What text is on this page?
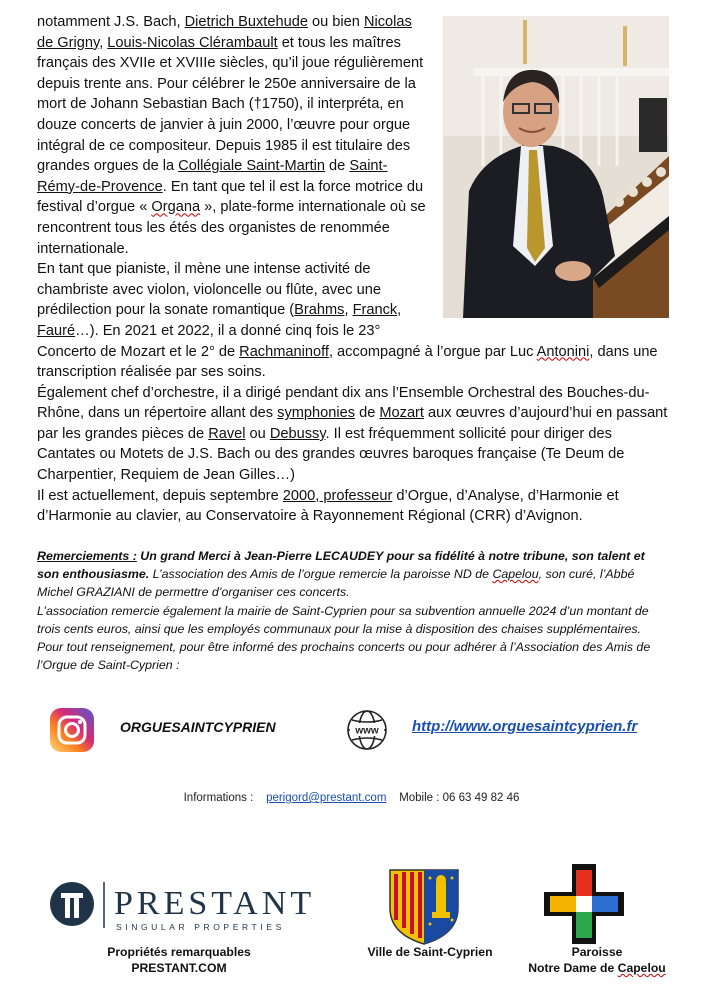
notamment J.S. Bach, Dietrich Buxtehude ou bien Nicolas de Grigny, Louis-Nicolas Clérambault et tous les maîtres français des XVIIe et XVIIIe siècles, qu’il joue régulièrement depuis trente ans. Pour célébrer le 250e anniversaire de la mort de Johann Sebastian Bach (†1750), il interpréta, en douze concerts de janvier à juin 2000, l’œuvre pour orgue intégral de ce compositeur. Depuis 1985 il est titulaire des grandes orgues de la Collégiale Saint-Martin de Saint-Rémy-de-Provence. En tant que tel il est la force motrice du festival d’orgue « Organa », plate-forme internationale où se rencontrent tous les étés des organistes de renommée internationale.

En tant que pianiste, il mène une intense activité de chambriste avec violon, violoncelle ou flûte, avec une prédilection pour la sonate romantique (Brahms, Franck, Fauré…). En 2021 et 2022, il a donné cinq fois le 23° Concerto de Mozart et le 2° de Rachmaninoff, accompagné à l’orgue par Luc Antonini, dans une transcription réalisée par ses soins.

Également chef d’orchestre, il a dirigé pendant dix ans l’Ensemble Orchestral des Bouches-du-Rhône, dans un répertoire allant des symphonies de Mozart aux œuvres d’aujourd’hui en passant par les grandes pièces de Ravel ou Debussy. Il est fréquemment sollicité pour diriger des Cantates ou Motets de J.S. Bach ou des grandes œuvres baroques française (Te Deum de Charpentier, Requiem de Jean Gilles…)

Il est actuellement, depuis septembre 2000, professeur d’Orgue, d’Analyse, d’Harmonie et d’Harmonie au clavier, au Conservatoire à Rayonnement Régional (CRR) d’Avignon.

Remerciements : Un grand Merci à Jean-Pierre LECAUDEY pour sa fidélité à notre tribune, son talent et son enthousiasme. L’association des Amis de l’orgue remercie la paroisse ND de Capelou, son curé, l’Abbé Michel GRAZIANI de permettre d’organiser ces concerts.

L’association remercie également la mairie de Saint-Cyprien pour sa subvention annuelle 2024 d’un montant de trois cents euros, ainsi que les employés communaux pour la mise à disposition des chaises supplémentaires.

Pour tout renseignement, pour être informé des prochains concerts ou pour adhérer à l’Association des Amis de l’Orgue de Saint-Cyprien :

ORGUESAINTCYPRIEN	www http://www.orguesaintcyprien.fr
Informations : perigord@prestant.com Mobile : 06 63 49 82 46
PRESTANT
SINGULAR PROPERTIES
Propriétés remarquables
PRESTANT.COM
Ville de Saint-Cyprien	Paroisse
Notre Dame de Capelou
